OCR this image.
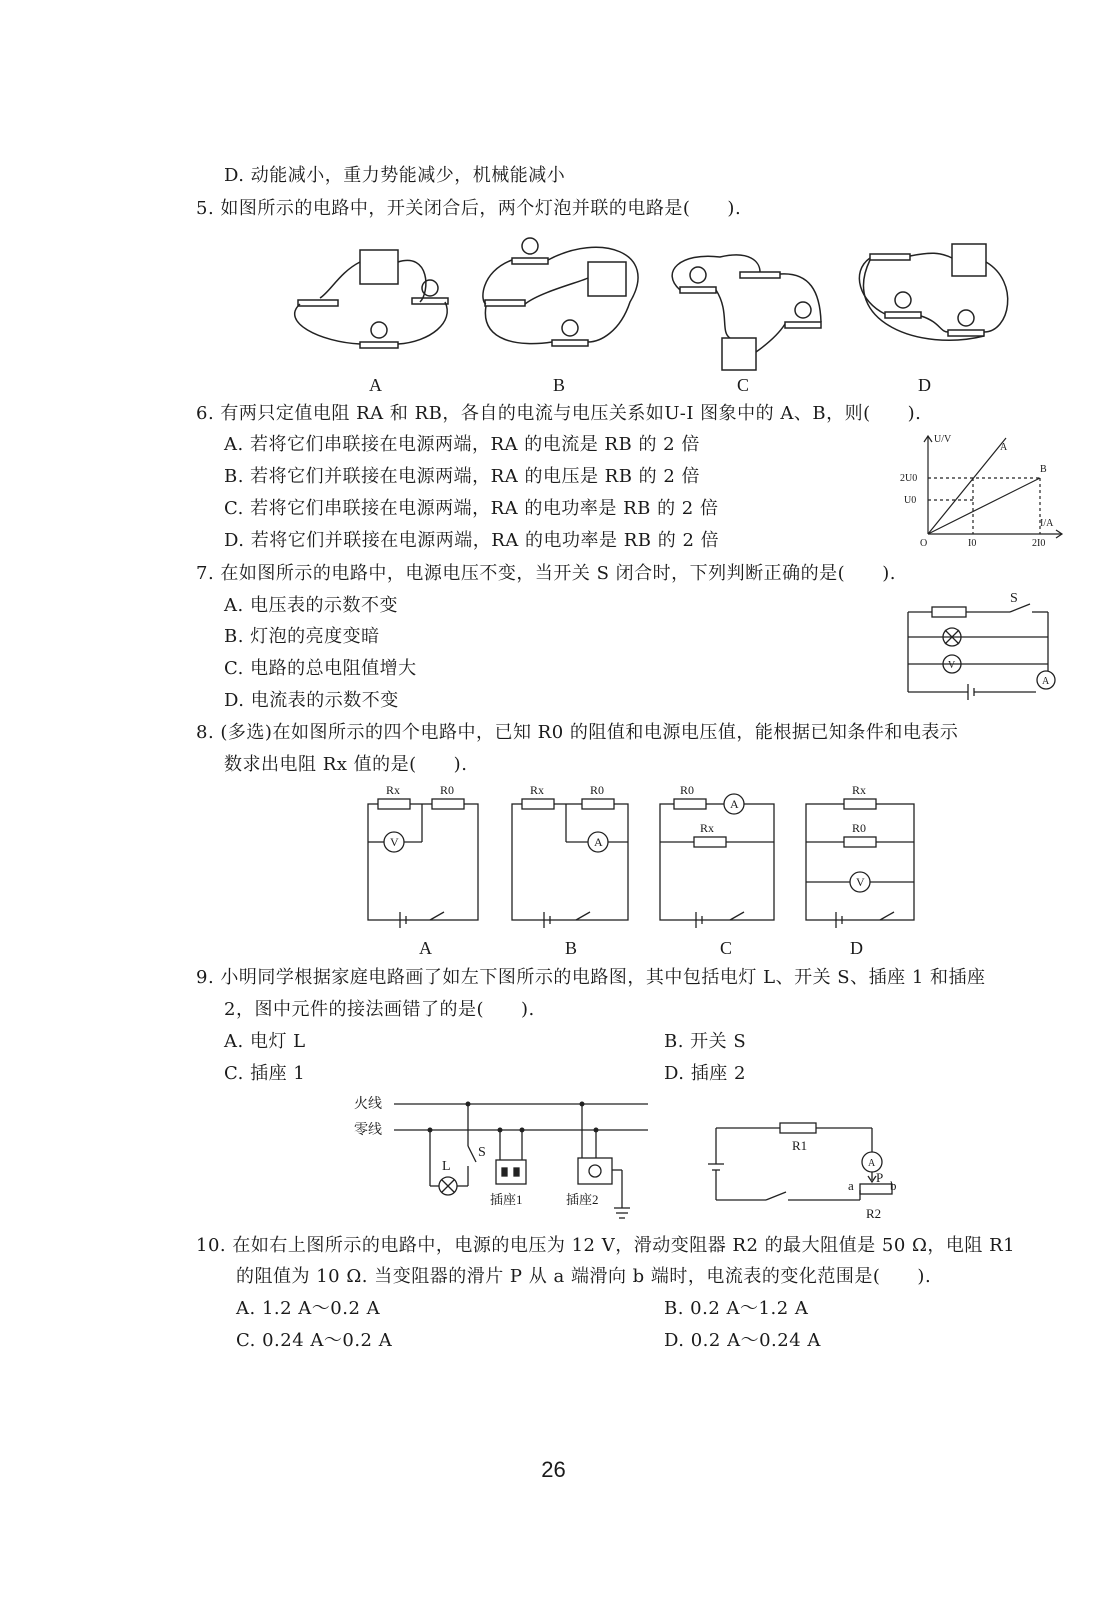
D. 动能减小，重力势能减少，机械能减小
5. 如图所示的电路中，开关闭合后，两个灯泡并联的电路是(　　).
A	B	C	D
6. 有两只定值电阻 RA 和 RB，各自的电流与电压关系如U-I 图象中的 A、B，则(　　).
A. 若将它们串联接在电源两端，RA 的电流是 RB 的 2 倍
B. 若将它们并联接在电源两端，RA 的电压是 RB 的 2 倍
C. 若将它们串联接在电源两端，RA 的电功率是 RB 的 2 倍
D. 若将它们并联接在电源两端，RA 的电功率是 RB 的 2 倍
U/V
I/A
O
2U0
U0
I0	2I0
A
B
7. 在如图所示的电路中，电源电压不变，当开关 S 闭合时，下列判断正确的是(　　).
A. 电压表的示数不变
B. 灯泡的亮度变暗
C. 电路的总电阻值增大
D. 电流表的示数不变
V
A
S
8. (多选)在如图所示的四个电路中，已知 R0 的阻值和电源电压值，能根据已知条件和电表示
数求出电阻 Rx 值的是(　　).
Rx	R0
V
Rx	R0
A
R0
A
Rx
Rx
R0
V
A	B	C	D
9. 小明同学根据家庭电路画了如左下图所示的电路图，其中包括电灯 L、开关 S、插座 1 和插座
2，图中元件的接法画错了的是(　　).
A. 电灯 L	B. 开关 S
C. 插座 1	D. 插座 2
火线
零线
L
S
插座1	插座2
A
R1
R2
a	b
P
10. 在如右上图所示的电路中，电源的电压为 12 V，滑动变阻器 R2 的最大阻值是 50 Ω，电阻 R1
的阻值为 10 Ω. 当变阻器的滑片 P 从 a 端滑向 b 端时，电流表的变化范围是(　　).
A. 1.2 A～0.2 A	B. 0.2 A～1.2 A
C. 0.24 A～0.2 A	D. 0.2 A～0.24 A
26
